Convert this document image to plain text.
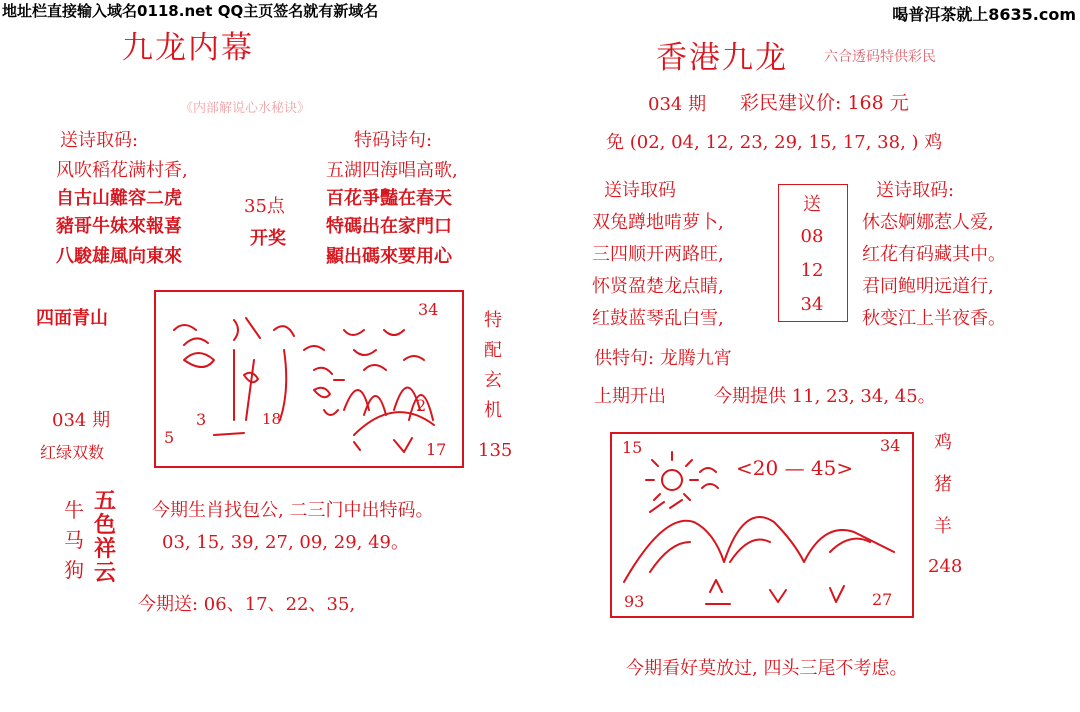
地址栏直接输入域名0118.net QQ主页签名就有新域名	喝普洱茶就上8635.com
九龙内幕
《内部解说心水秘诀》
送诗取码:
风吹稻花满村香,
自古山難容二虎
豬哥牛妹來報喜
八駿雄風向東來
35点
开奖
特码诗句:
五湖四海唱高歌,
百花爭豔在春天
特碼出在家門口
顯出碼來要用心
四面青山
034 期
红绿双数
34
5
17
3	18
2
特
配
玄
机
135
牛
马
狗
五
色
祥
云
今期生肖找包公, 二三门中出特码。
03, 15, 39, 27, 09, 29, 49。
今期送: 06、17、22、35,
香港九龙	六合透码特供彩民
034 期 彩民建议价: 168 元
免 (02, 04, 12, 23, 29, 15, 17, 38, ) 鸡
送诗取码
双兔蹲地啃萝卜,
三四顺开两路旺,
怀贤盈楚龙点睛,
红鼓蓝琴乱白雪,
送
08
12
34
送诗取码:
休态婀娜惹人爱,
红花有码藏其中。
君同鲍明远道行,
秋变江上半夜香。
供特句: 龙腾九宵
上期开出	今期提供 11, 23, 34, 45。
15	34
<20 — 45>
93	27
鸡
猪
羊
248
今期看好莫放过, 四头三尾不考虑。
